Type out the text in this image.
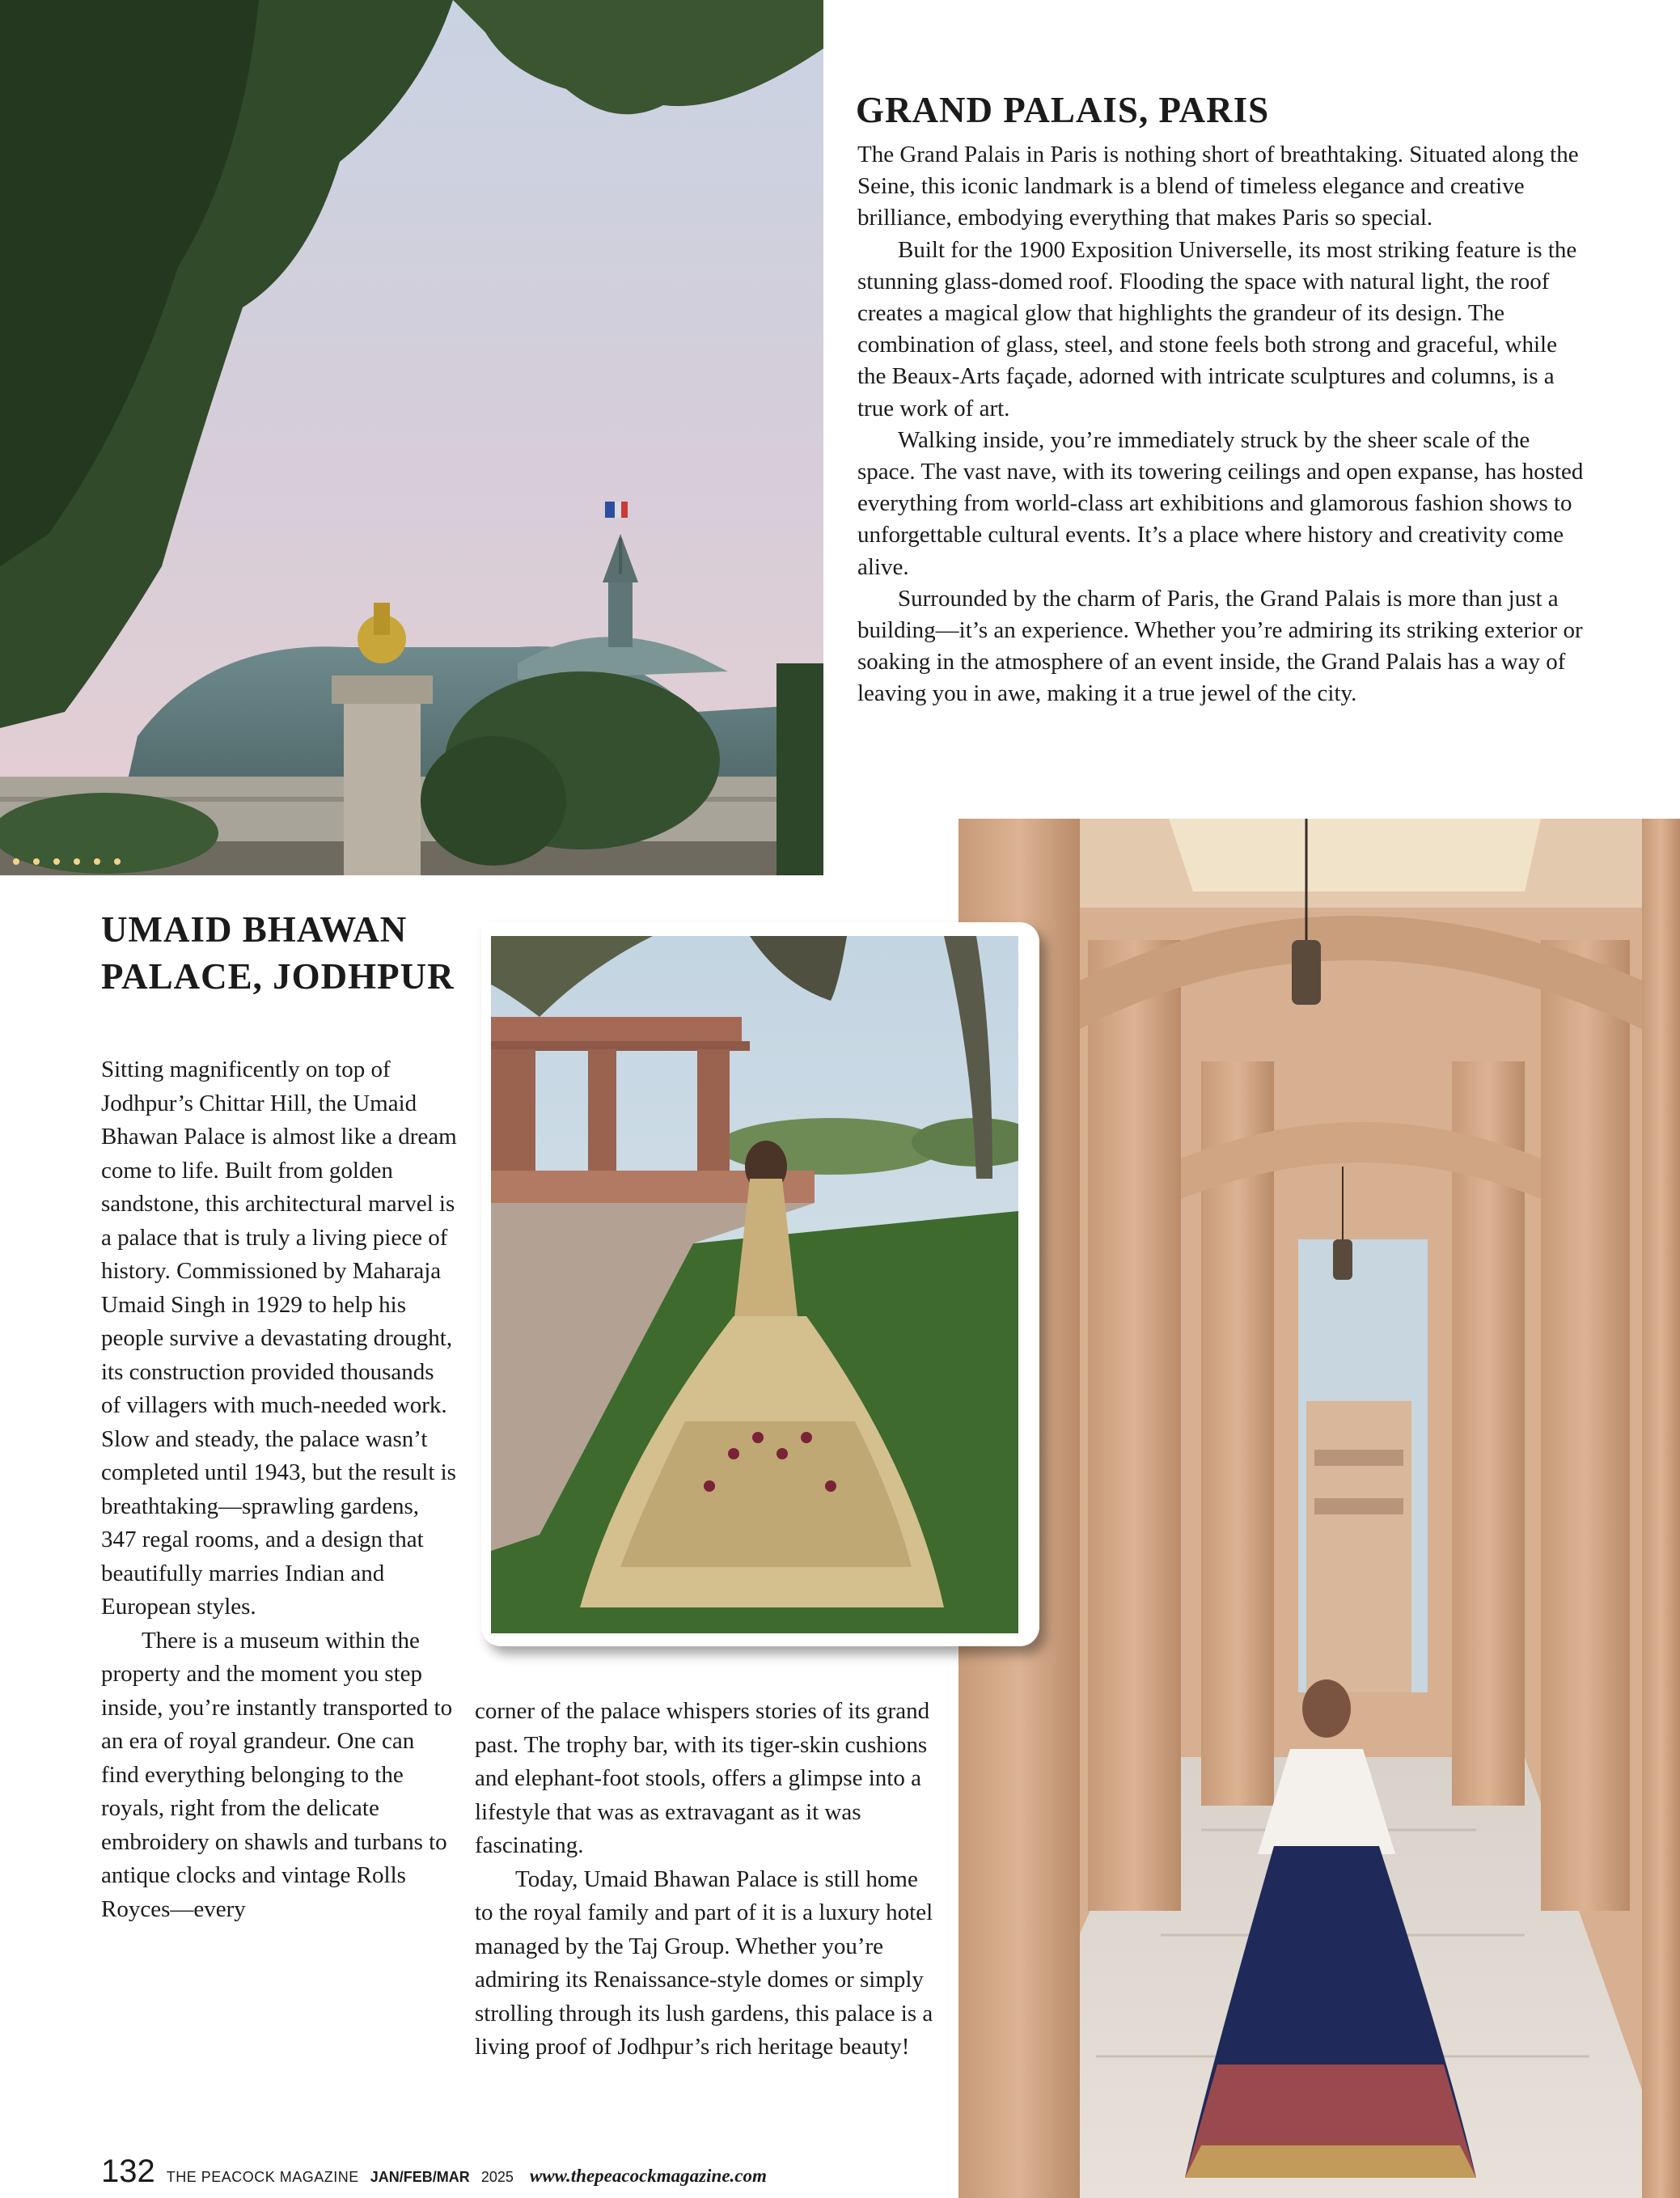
GRAND PALAIS, PARIS

The Grand Palais in Paris is nothing short of breathtaking. Situated along the Seine, this iconic landmark is a blend of timeless elegance and creative brilliance, embodying everything that makes Paris so special.

Built for the 1900 Exposition Universelle, its most striking feature is the stunning glass-domed roof. Flooding the space with natural light, the roof creates a magical glow that highlights the grandeur of its design. The combination of glass, steel, and stone feels both strong and graceful, while the Beaux-Arts façade, adorned with intricate sculptures and columns, is a true work of art.

Walking inside, you’re immediately struck by the sheer scale of the space. The vast nave, with its towering ceilings and open expanse, has hosted everything from world-class art exhibitions and glamorous fashion shows to unforgettable cultural events. It’s a place where history and creativity come alive.

Surrounded by the charm of Paris, the Grand Palais is more than just a building—it’s an experience. Whether you’re admiring its striking exterior or soaking in the atmosphere of an event inside, the Grand Palais has a way of leaving you in awe, making it a true jewel of the city.

UMAID BHAWAN PALACE, JODHPUR

Sitting magnificently on top of Jodhpur’s Chittar Hill, the Umaid Bhawan Palace is almost like a dream come to life. Built from golden sandstone, this architectural marvel is a palace that is truly a living piece of history. Commissioned by Maharaja Umaid Singh in 1929 to help his people survive a devastating drought, its construction provided thousands of villagers with much-needed work. Slow and steady, the palace wasn’t completed until 1943, but the result is breathtaking—sprawling gardens, 347 regal rooms, and a design that beautifully marries Indian and European styles.

There is a museum within the property and the moment you step inside, you’re instantly transported to an era of royal grandeur. One can find everything belonging to the royals, right from the delicate embroidery on shawls and turbans to antique clocks and vintage Rolls Royces—every

corner of the palace whispers stories of its grand past. The trophy bar, with its tiger-skin cushions and elephant-foot stools, offers a glimpse into a lifestyle that was as extravagant as it was fascinating.

Today, Umaid Bhawan Palace is still home to the royal family and part of it is a luxury hotel managed by the Taj Group. Whether you’re admiring its Renaissance-style domes or simply strolling through its lush gardens, this palace is a living proof of Jodhpur’s rich heritage beauty!

132 THE PEACOCK MAGAZINE JAN/FEB/MAR 2025 www.thepeacockmagazine.com
